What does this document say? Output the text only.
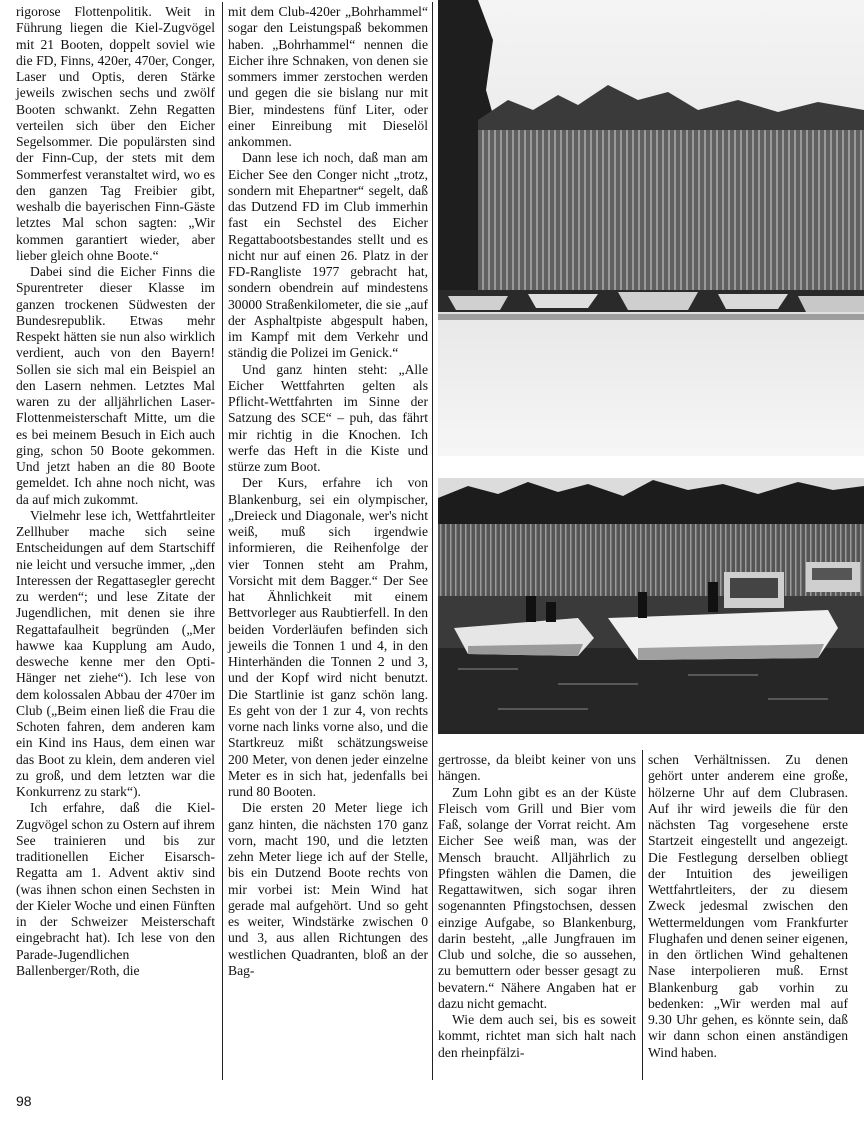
rigorose Flottenpolitik. Weit in Führung liegen die Kiel-Zugvögel mit 21 Booten, doppelt soviel wie die FD, Finns, 420er, 470er, Conger, Laser und Optis, deren Stärke jeweils zwischen sechs und zwölf Booten schwankt. Zehn Regatten verteilen sich über den Eicher Segelsommer. Die populärsten sind der Finn-Cup, der stets mit dem Sommerfest veranstaltet wird, wo es den ganzen Tag Freibier gibt, weshalb die bayerischen Finn-Gäste letztes Mal schon sagten: „Wir kommen garantiert wieder, aber lieber gleich ohne Boote.“

Dabei sind die Eicher Finns die Spurentreter dieser Klasse im ganzen trockenen Südwesten der Bundesrepublik. Etwas mehr Respekt hätten sie nun also wirklich verdient, auch von den Bayern! Sollen sie sich mal ein Beispiel an den Lasern nehmen. Letztes Mal waren zu der alljährlichen Laser-Flottenmeisterschaft Mitte, um die es bei meinem Besuch in Eich auch ging, schon 50 Boote gekommen. Und jetzt haben an die 80 Boote gemeldet. Ich ahne noch nicht, was da auf mich zukommt.

Vielmehr lese ich, Wettfahrtleiter Zellhuber mache sich seine Entscheidungen auf dem Startschiff nie leicht und versuche immer, „den Interessen der Regattasegler gerecht zu werden“; und lese Zitate der Jugendlichen, mit denen sie ihre Regattafaulheit begründen („Mer hawwe kaa Kupplung am Audo, desweche kenne mer den Opti-Hänger net ziehe“). Ich lese von dem kolossalen Abbau der 470er im Club („Beim einen ließ die Frau die Schoten fahren, dem anderen kam ein Kind ins Haus, dem einen war das Boot zu klein, dem anderen viel zu groß, und dem letzten war die Konkurrenz zu stark“).

Ich erfahre, daß die Kiel-Zugvögel schon zu Ostern auf ihrem See trainieren und bis zur traditionellen Eicher Eisarsch-Regatta am 1. Advent aktiv sind (was ihnen schon einen Sechsten in der Kieler Woche und einen Fünften in der Schweizer Meisterschaft eingebracht hat). Ich lese von den Parade-Jugendlichen Ballenberger/Roth, die

mit dem Club-420er „Bohrhammel“ sogar den Leistungspaß bekommen haben. „Bohrhammel“ nennen die Eicher ihre Schnaken, von denen sie sommers immer zerstochen werden und gegen die sie bislang nur mit Bier, mindestens fünf Liter, oder einer Einreibung mit Dieselöl ankommen.

Dann lese ich noch, daß man am Eicher See den Conger nicht „trotz, sondern mit Ehepartner“ segelt, daß das Dutzend FD im Club immerhin fast ein Sechstel des Eicher Regattabootsbestandes stellt und es nicht nur auf einen 26. Platz in der FD-Rangliste 1977 gebracht hat, sondern obendrein auf mindestens 30000 Straßenkilometer, die sie „auf der Asphaltpiste abgespult haben, im Kampf mit dem Verkehr und ständig die Polizei im Genick.“

Und ganz hinten steht: „Alle Eicher Wettfahrten gelten als Pflicht-Wettfahrten im Sinne der Satzung des SCE“ – puh, das fährt mir richtig in die Knochen. Ich werfe das Heft in die Kiste und stürze zum Boot.

Der Kurs, erfahre ich von Blankenburg, sei ein olympischer, „Dreieck und Diagonale, wer's nicht weiß, muß sich irgendwie informieren, die Reihenfolge der vier Tonnen steht am Prahm, Vorsicht mit dem Bagger.“ Der See hat Ähnlichkeit mit einem Bettvorleger aus Raubtierfell. In den beiden Vorderläufen befinden sich jeweils die Tonnen 1 und 4, in den Hinterhänden die Tonnen 2 und 3, und der Kopf wird nicht benutzt. Die Startlinie ist ganz schön lang. Es geht von der 1 zur 4, von rechts vorne nach links vorne also, und die Startkreuz mißt schätzungsweise 200 Meter, von denen jeder einzelne Meter es in sich hat, jedenfalls bei rund 80 Booten.

Die ersten 20 Meter liege ich ganz hinten, die nächsten 170 ganz vorn, macht 190, und die letzten zehn Meter liege ich auf der Stelle, bis ein Dutzend Boote rechts von mir vorbei ist: Mein Wind hat gerade mal aufgehört. Und so geht es weiter, Windstärke zwischen 0 und 3, aus allen Richtungen des westlichen Quadranten, bloß an der Bag-

gertrosse, da bleibt keiner von uns hängen.

Zum Lohn gibt es an der Küste Fleisch vom Grill und Bier vom Faß, solange der Vorrat reicht. Am Eicher See weiß man, was der Mensch braucht. Alljährlich zu Pfingsten wählen die Damen, die Regattawitwen, sich sogar ihren sogenannten Pfingstochsen, dessen einzige Aufgabe, so Blankenburg, darin besteht, „alle Jungfrauen im Club und solche, die so aussehen, zu bemuttern oder besser gesagt zu bevatern.“ Nähere Angaben hat er dazu nicht gemacht.

Wie dem auch sei, bis es soweit kommt, richtet man sich halt nach den rheinpfälzi-

schen Verhältnissen. Zu denen gehört unter anderem eine große, hölzerne Uhr auf dem Clubrasen. Auf ihr wird jeweils die für den nächsten Tag vorgesehene erste Startzeit eingestellt und angezeigt. Die Festlegung derselben obliegt der Intuition des jeweiligen Wettfahrtleiters, der zu diesem Zweck jedesmal zwischen den Wettermeldungen vom Frankfurter Flughafen und denen seiner eigenen, in den örtlichen Wind gehaltenen Nase interpolieren muß. Ernst Blankenburg gab vorhin zu bedenken: „Wir werden mal auf 9.30 Uhr gehen, es könnte sein, daß wir dann schon einen anständigen Wind haben.

98
